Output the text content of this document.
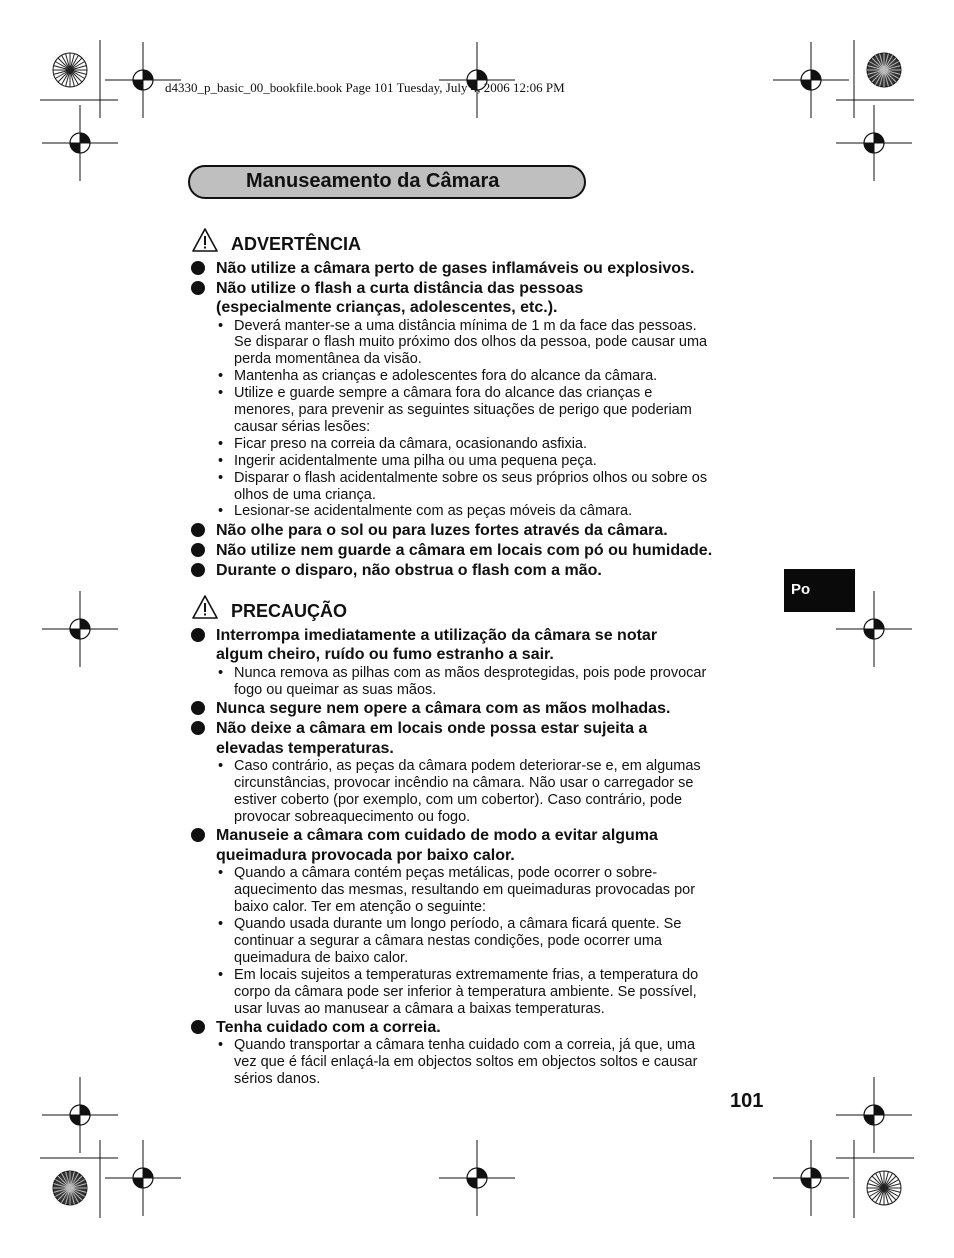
d4330_p_basic_00_bookfile.book Page 101 Tuesday, July 4, 2006 12:06 PM
Manuseamento da Câmara
ADVERTÊNCIA
Não utilize a câmara perto de gases inflamáveis ou explosivos.
Não utilize o flash a curta distância das pessoas
(especialmente crianças, adolescentes, etc.).
• Deverá manter-se a uma distância mínima de 1 m da face das pessoas.
Se disparar o flash muito próximo dos olhos da pessoa, pode causar uma
perda momentânea da visão.
• Mantenha as crianças e adolescentes fora do alcance da câmara.
• Utilize e guarde sempre a câmara fora do alcance das crianças e
menores, para prevenir as seguintes situações de perigo que poderiam
causar sérias lesões:
• Ficar preso na correia da câmara, ocasionando asfixia.
• Ingerir acidentalmente uma pilha ou uma pequena peça.
• Disparar o flash acidentalmente sobre os seus próprios olhos ou sobre os
olhos de uma criança.
• Lesionar-se acidentalmente com as peças móveis da câmara.
Não olhe para o sol ou para luzes fortes através da câmara.
Não utilize nem guarde a câmara em locais com pó ou humidade.
Durante o disparo, não obstrua o flash com a mão.
PRECAUÇÃO
Interrompa imediatamente a utilização da câmara se notar
algum cheiro, ruído ou fumo estranho a sair.
• Nunca remova as pilhas com as mãos desprotegidas, pois pode provocar
fogo ou queimar as suas mãos.
Nunca segure nem opere a câmara com as mãos molhadas.
Não deixe a câmara em locais onde possa estar sujeita a
elevadas temperaturas.
• Caso contrário, as peças da câmara podem deteriorar-se e, em algumas
circunstâncias, provocar incêndio na câmara. Não usar o carregador se
estiver coberto (por exemplo, com um cobertor). Caso contrário, pode
provocar sobreaquecimento ou fogo.
Manuseie a câmara com cuidado de modo a evitar alguma
queimadura provocada por baixo calor.
• Quando a câmara contém peças metálicas, pode ocorrer o sobre-
aquecimento das mesmas, resultando em queimaduras provocadas por
baixo calor. Ter em atenção o seguinte:
• Quando usada durante um longo período, a câmara ficará quente. Se
continuar a segurar a câmara nestas condições, pode ocorrer uma
queimadura de baixo calor.
• Em locais sujeitos a temperaturas extremamente frias, a temperatura do
corpo da câmara pode ser inferior à temperatura ambiente. Se possível,
usar luvas ao manusear a câmara a baixas temperaturas.
Tenha cuidado com a correia.
• Quando transportar a câmara tenha cuidado com a correia, já que, uma
vez que é fácil enlaçá-la em objectos soltos em objectos soltos e causar
sérios danos.
Po
101
